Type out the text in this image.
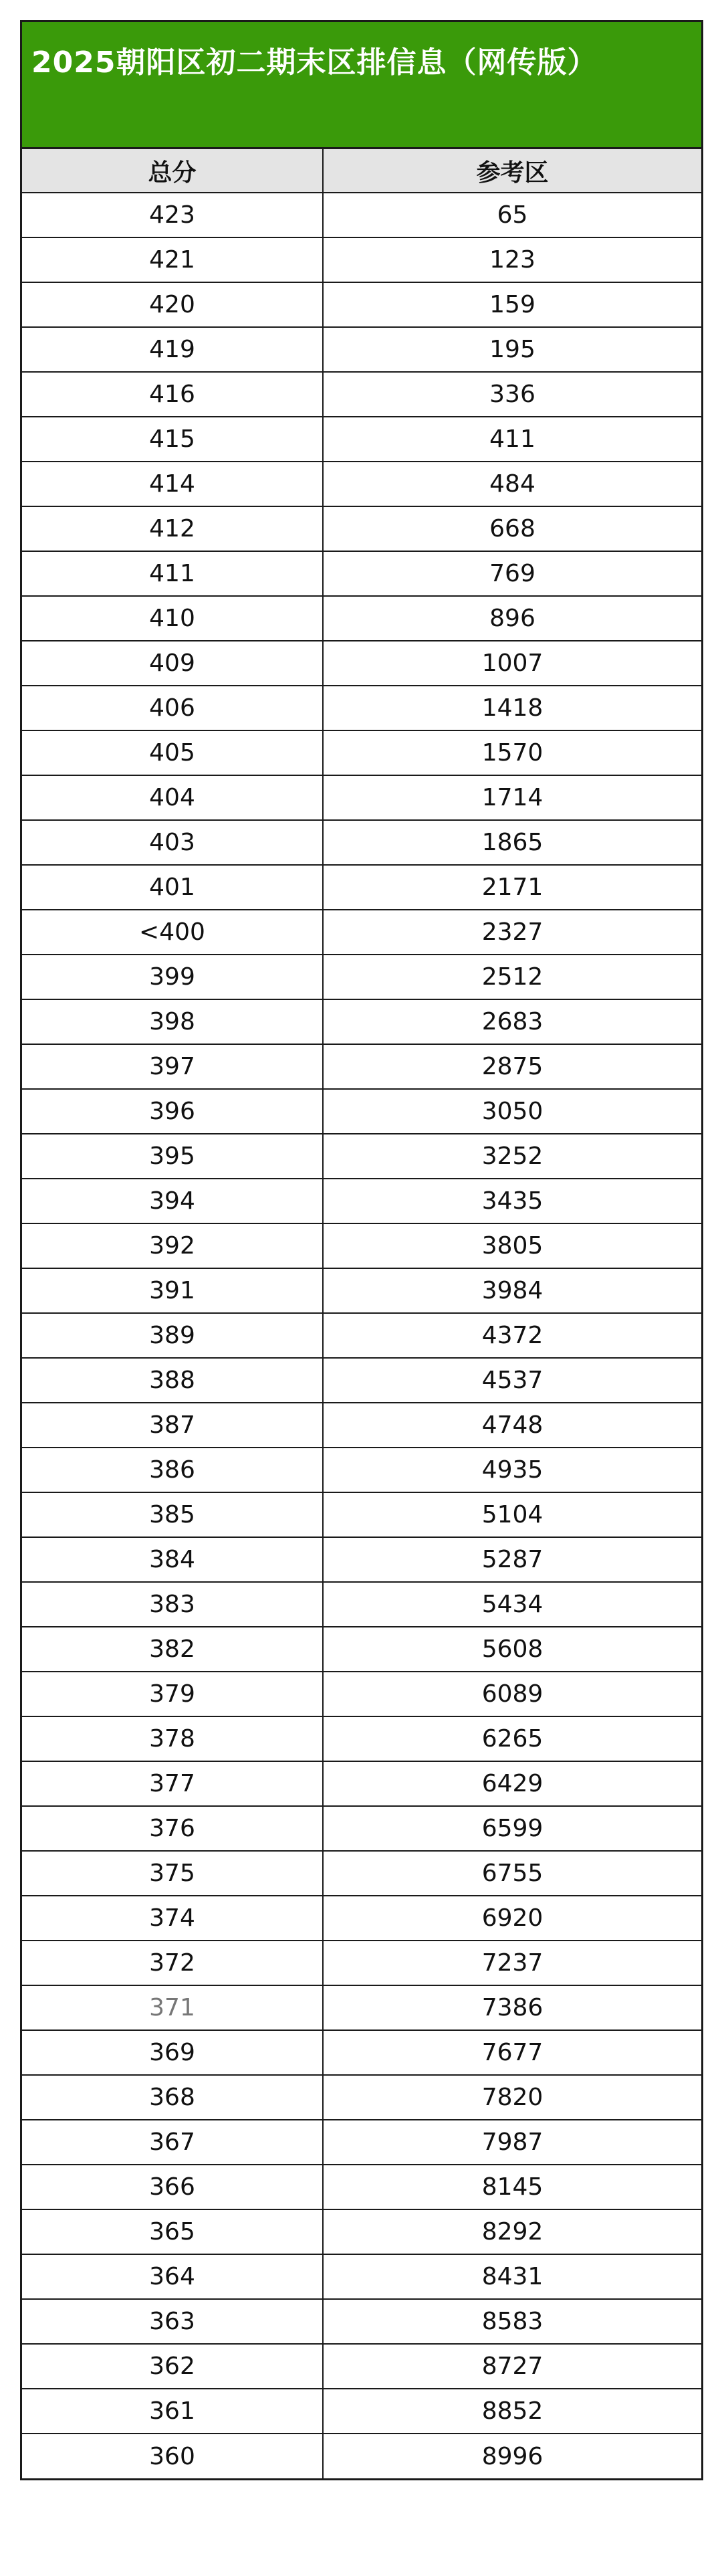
2025朝阳区初二期末区排信息（网传版）
总分	参考区
423	65
421	123
420	159
419	195
416	336
415	411
414	484
412	668
411	769
410	896
409	1007
406	1418
405	1570
404	1714
403	1865
401	2171
<400	2327
399	2512
398	2683
397	2875
396	3050
395	3252
394	3435
392	3805
391	3984
389	4372
388	4537
387	4748
386	4935
385	5104
384	5287
383	5434
382	5608
379	6089
378	6265
377	6429
376	6599
375	6755
374	6920
372	7237
371	7386
369	7677
368	7820
367	7987
366	8145
365	8292
364	8431
363	8583
362	8727
361	8852
360	8996
